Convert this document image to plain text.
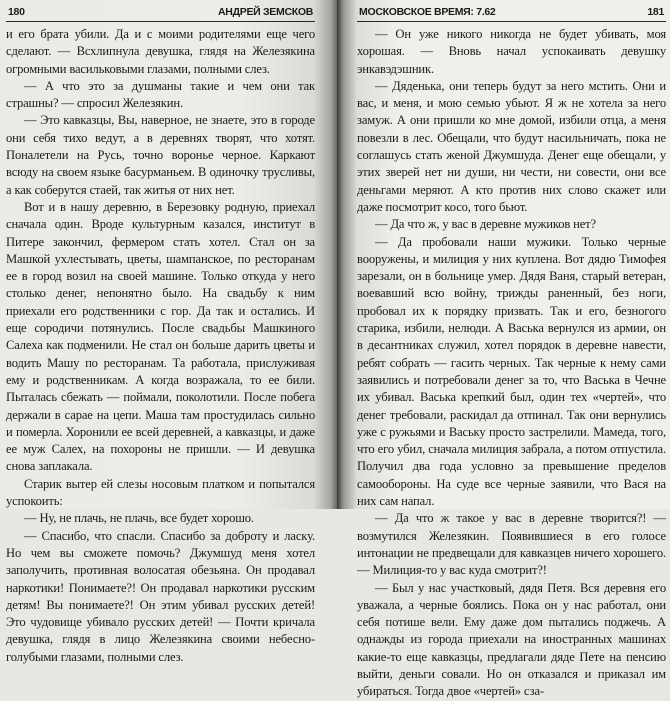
180	АНДРЕЙ ЗЕМСКОВ

и его брата убили. Да и с моими родителями еще чего сделают. — Всхлипнула девушка, глядя на Железякина огромными васильковыми глазами, полными слез.

— А что это за душманы такие и чем они так страшны? — спросил Железякин.

— Это кавказцы, Вы, наверное, не знаете, это в городе они себя тихо ведут, а в деревнях творят, что хотят. Поналетели на Русь, точно воронье черное. Каркают всюду на своем языке басурманьем. В одиночку трусливы, а как соберутся стаей, так житья от них нет.

Вот и в нашу деревню, в Березовку родную, приехал сначала один. Вроде культурным казался, институт в Питере закончил, фермером стать хотел. Стал он за Машкой ухлестывать, цветы, шампанское, по ресторанам ее в город возил на своей машине. Только откуда у него столько денег, непонятно было. На свадьбу к ним приехали его родственники с гор. Да так и остались. И еще сородичи потянулись. После свадьбы Машкиного Салеха как подменили. Не стал он больше дарить цветы и водить Машу по ресторанам. Та работала, прислуживая ему и родственникам. А когда возражала, то ее били. Пыталась сбежать — поймали, поколотили. После побега держали в сарае на цепи. Маша там простудилась сильно и померла. Хоронили ее всей деревней, а кавказцы, и даже ее муж Салех, на похороны не пришли. — И девушка снова заплакала.

Старик вытер ей слезы носовым платком и попытался успокоить:

— Ну, не плачь, не плачь, все будет хорошо.

— Спасибо, что спасли. Спасибо за доброту и ласку. Но чем вы сможете помочь? Джумшуд меня хотел заполучить, противная волосатая обезьяна. Он продавал наркотики! Понимаете?! Он продавал наркотики русским детям! Вы понимаете?! Он этим убивал русских детей! Это чудовище убивало русских детей! — Почти кричала девушка, глядя в лицо Железякина своими небесно-голубыми глазами, полными слез.

МОСКОВСКОЕ ВРЕМЯ: 7.62	181

— Он уже никого никогда не будет убивать, моя хорошая. — Вновь начал успокаивать девушку энкавэдэшник.

— Дяденька, они теперь будут за него мстить. Они и вас, и меня, и мою семью убьют. Я ж не хотела за него замуж. А они пришли ко мне домой, избили отца, а меня повезли в лес. Обещали, что будут насильничать, пока не соглашусь стать женой Джумшуда. Денег еще обещали, у этих зверей нет ни души, ни чести, ни совести, они все деньгами меряют. А кто против них слово скажет или даже посмотрит косо, того бьют.

— Да что ж, у вас в деревне мужиков нет?

— Да пробовали наши мужики. Только черные вооружены, и милиция у них куплена. Вот дядю Тимофея зарезали, он в больнице умер. Дядя Ваня, старый ветеран, воевавший всю войну, трижды раненный, без ноги, пробовал их к порядку призвать. Так и его, безногого старика, избили, нелюди. А Васька вернулся из армии, он в десантниках служил, хотел порядок в деревне навести, ребят собрать — гасить черных. Так черные к нему сами заявились и потребовали денег за то, что Васька в Чечне их убивал. Васька крепкий был, один тех «чертей», что денег требовали, раскидал да отпинал. Так они вернулись уже с ружьями и Ваську просто застрелили. Мамеда, того, что его убил, сначала милиция забрала, а потом отпустила. Получил два года условно за превышение пределов самообороны. На суде все черные заявили, что Вася на них сам напал.

— Да что ж такое у вас в деревне творится?! — возмутился Железякин. Появившиеся в его голосе интонации не предвещали для кавказцев ничего хорошего. — Милиция-то у вас куда смотрит?!

— Был у нас участковый, дядя Петя. Вся деревня его уважала, а черные боялись. Пока он у нас работал, они себя потише вели. Ему даже дом пытались поджечь. А однажды из города приехали на иностранных машинах какие-то еще кавказцы, предлагали дяде Пете на пенсию выйти, деньги совали. Но он отказался и приказал им убираться. Тогда двое «чертей» сза-
